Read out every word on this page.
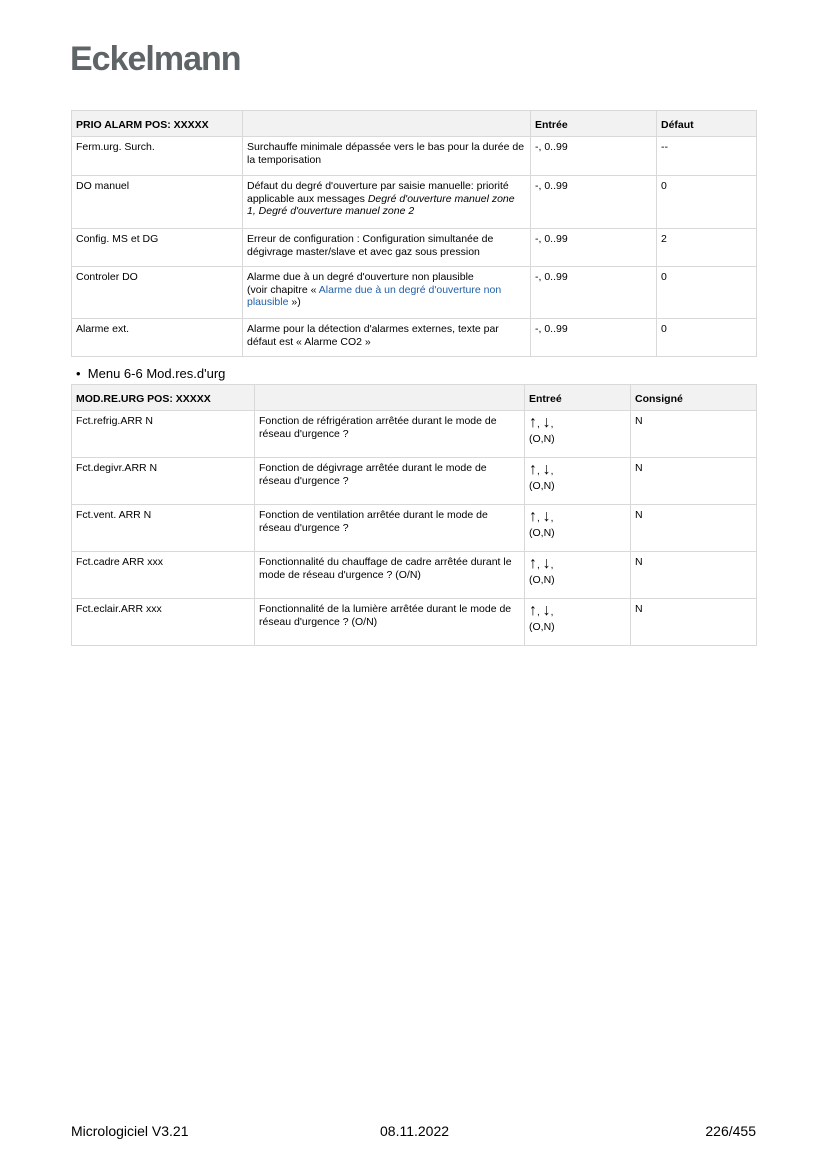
Eckelmann
PRIO ALARM POS: XXXXX		Entrée	Défaut
Ferm.urg. Surch.	Surchauffe minimale dépassée vers le bas pour la durée de la temporisation	-, 0..99	--
DO manuel	Défaut du degré d'ouverture par saisie manuelle: priorité applicable aux messages Degré d'ouverture manuel zone 1, Degré d'ouverture manuel zone 2	-, 0..99	0
Config. MS et DG	Erreur de configuration : Configuration simultanée de dégivrage master/slave et avec gaz sous pression	-, 0..99	2
Controler DO	Alarme due à un degré d'ouverture non plausible
(voir chapitre « Alarme due à un degré d'ouverture non plausible »)	-, 0..99	0
Alarme ext.	Alarme pour la détection d'alarmes externes, texte par défaut est « Alarme CO2 »	-, 0..99	0
•  Menu 6-6 Mod.res.d'urg
MOD.RE.URG POS: XXXXX		Entreé	Consigné
Fct.refrig.ARR N	Fonction de réfrigération arrêtée durant le mode de réseau d'urgence ?	↑, ↓,
(O,N)	N
Fct.degivr.ARR N	Fonction de dégivrage arrêtée durant le mode de réseau d'urgence ?	↑, ↓,
(O,N)	N
Fct.vent. ARR N	Fonction de ventilation arrêtée durant le mode de réseau d'urgence ?	↑, ↓,
(O,N)	N
Fct.cadre ARR xxx	Fonctionnalité du chauffage de cadre arrêtée durant le mode de réseau d'urgence ? (O/N)	↑, ↓,
(O,N)	N
Fct.eclair.ARR xxx	Fonctionnalité de la lumière arrêtée durant le mode de réseau d'urgence ? (O/N)	↑, ↓,
(O,N)	N
Micrologiciel V3.21	08.11.2022	226/455
